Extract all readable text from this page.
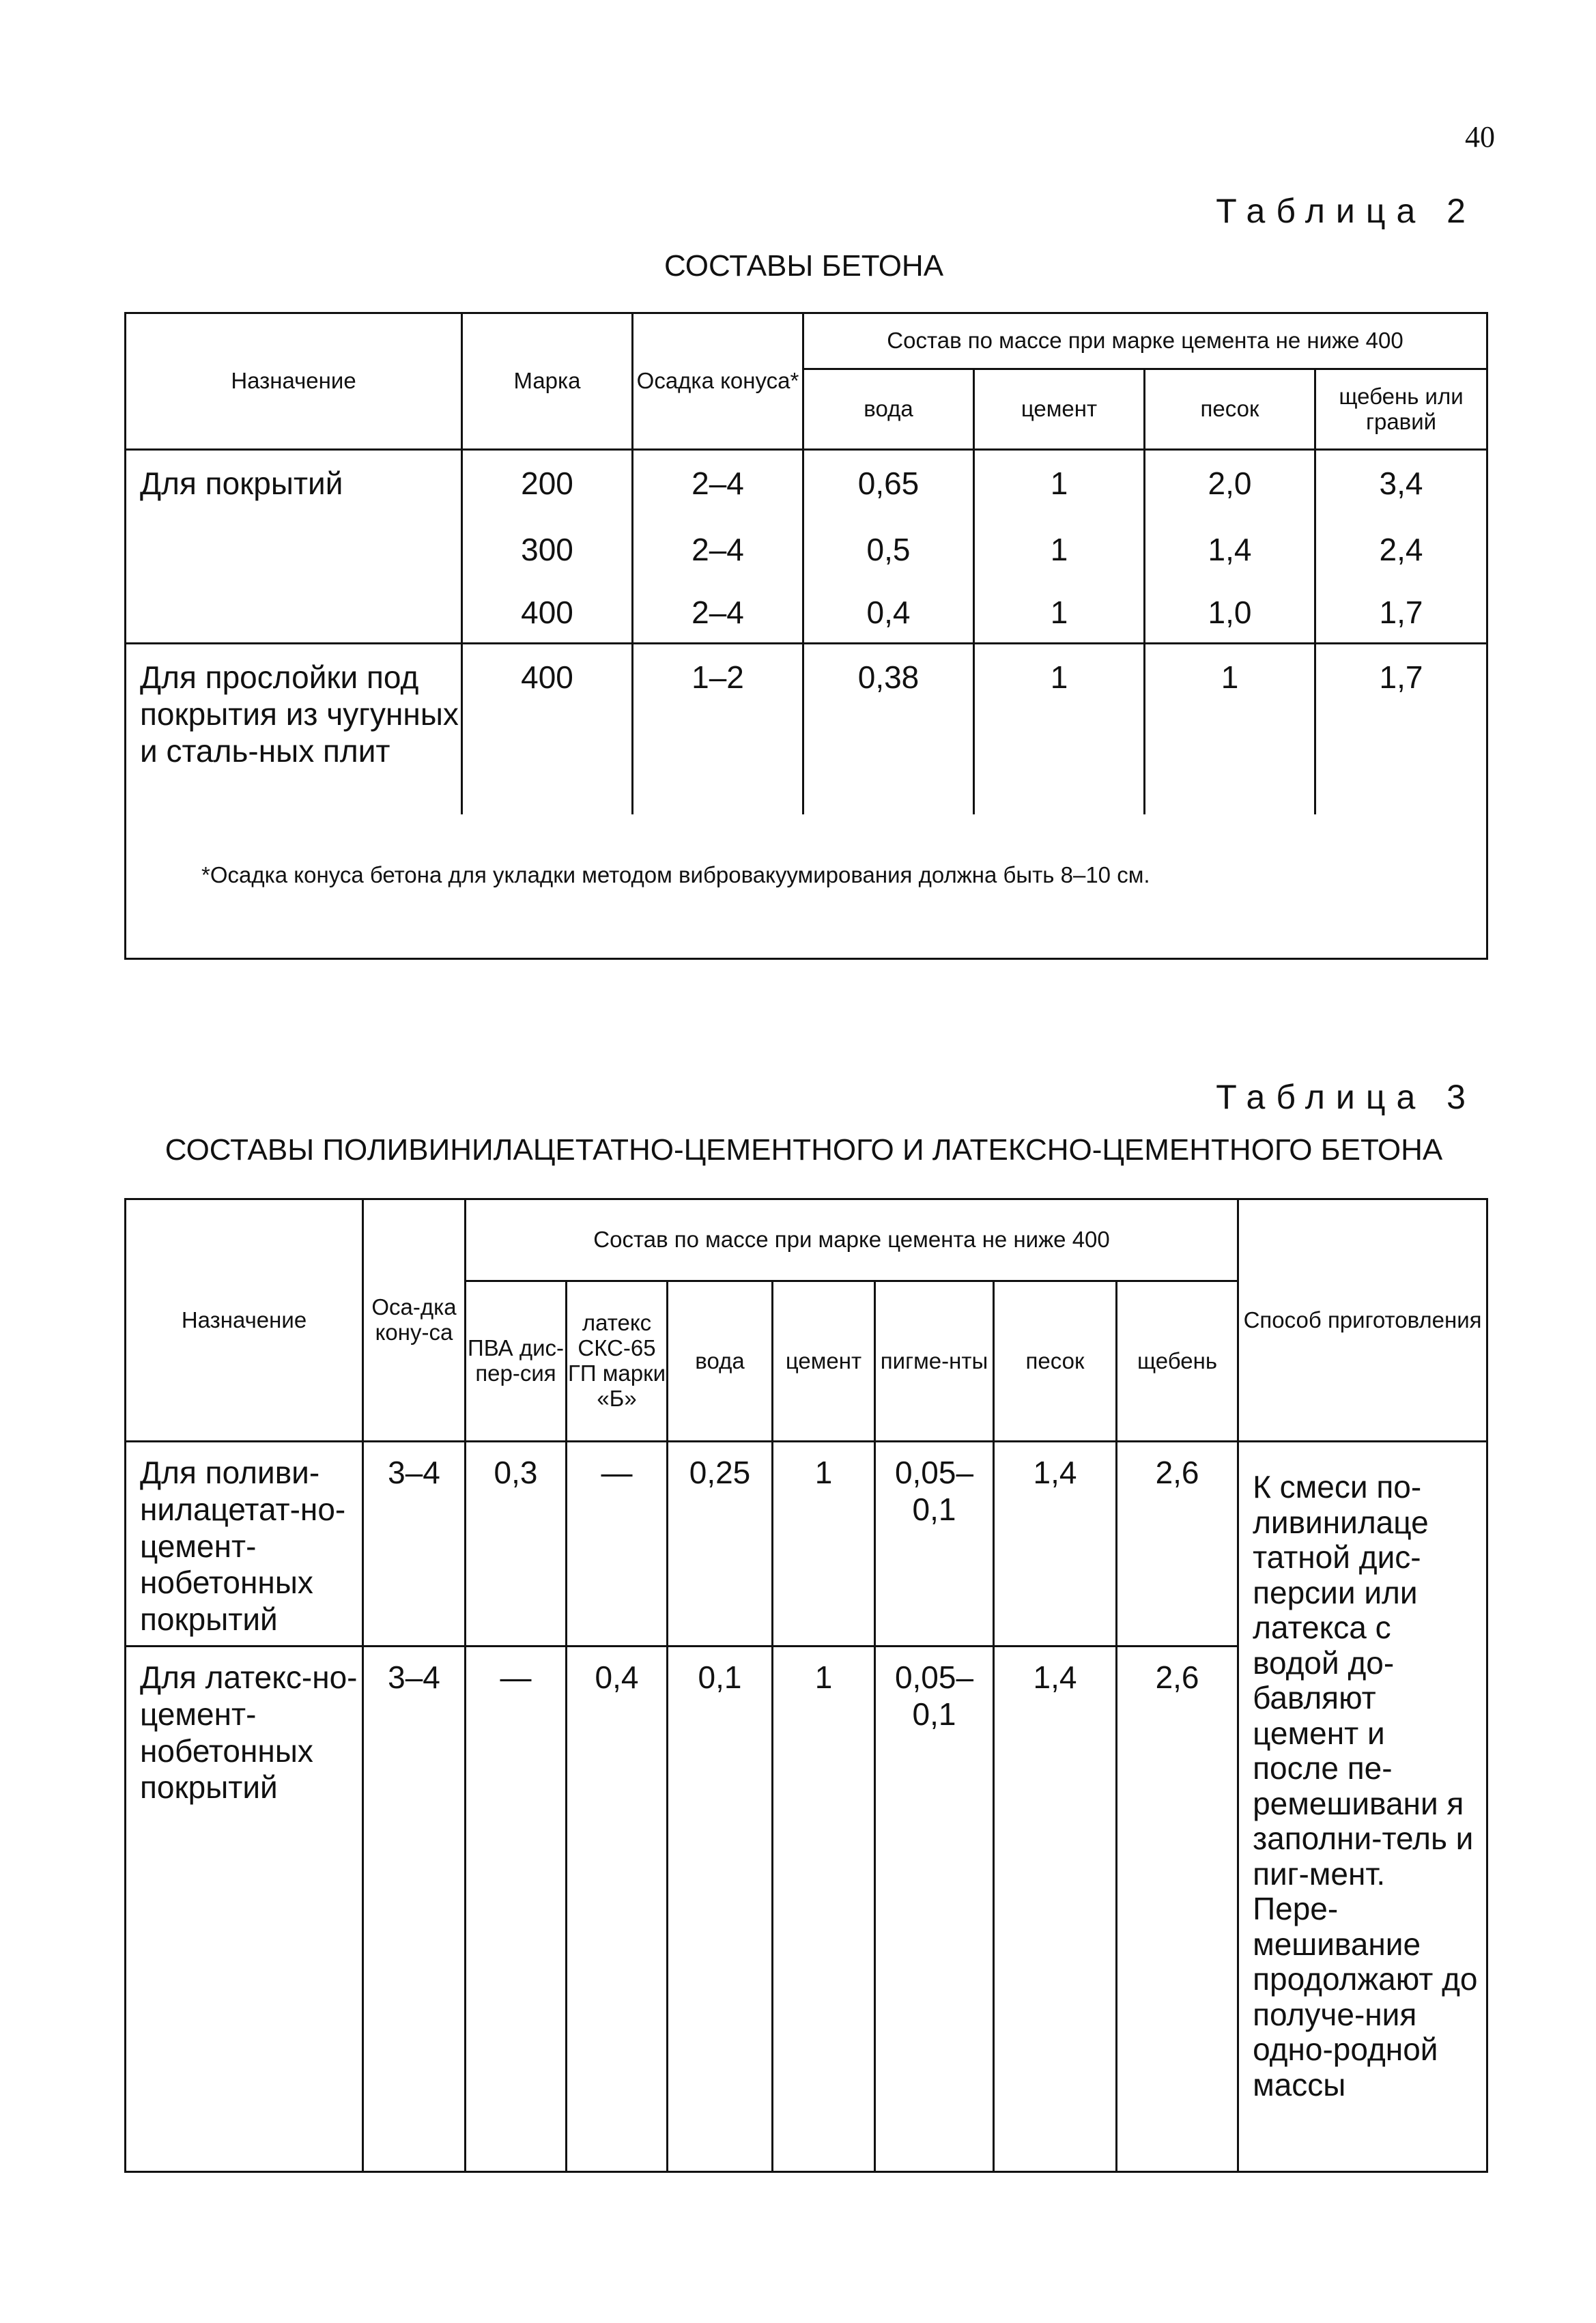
40
Таблица 2
СОСТАВЫ БЕТОНА
Назначение	Марка	Осадка конуса*	Состав по массе при марке цемента не ниже 400			
			вода	цемент	песок	щебень или гравий
Для покрытий	200	2–4	0,65	1	2,0	3,4
	300	2–4	0,5	1	1,4	2,4
	400	2–4	0,4	1	1,0	1,7
Для прослойки под покрытия из чугунных и сталь-ных плит	400	1–2	0,38	1	1	1,7
*Осадка конуса бетона для укладки методом вибровакуумирования должна быть 8–10 см.						
Таблица 3
СОСТАВЫ ПОЛИВИНИЛАЦЕТАТНО-ЦЕМЕНТНОГО И ЛАТЕКСНО-ЦЕМЕНТНОГО БЕТОНА
Назначение	Оса-дка кону-са	Состав по массе при марке цемента не ниже 400							Способ приготовления
		ПВА дис-пер-сия	латекс СКС-65 ГП марки «Б»	вода	цемент	пигме-нты	песок	щебень	
Для поливи-нилацетат-но-цемент-нобетонных покрытий	3–4	0,3	—	0,25	1	0,05–0,1	1,4	2,6	К смеси по-ливинилаце татной дис-персии или латекса с водой до-бавляют цемент и после пе-ремешивани я заполни-тель и пиг-мент. Пере-мешивание продолжают до получе-ния одно-родной массы
Для латекс-но-цемент-нобетонных покрытий	3–4	—	0,4	0,1	1	0,05–0,1	1,4	2,6	
